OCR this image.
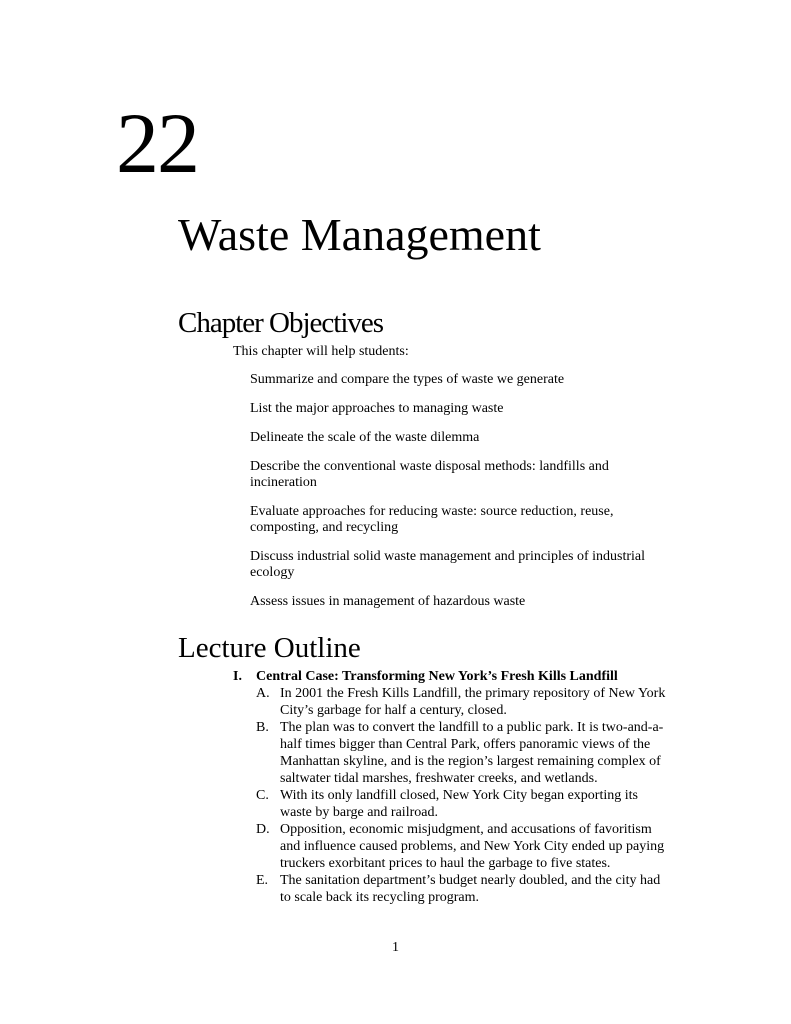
22
Waste Management
Chapter Objectives
This chapter will help students:
Summarize and compare the types of waste we generate
List the major approaches to managing waste
Delineate the scale of the waste dilemma
Describe the conventional waste disposal methods: landfills and incineration
Evaluate approaches for reducing waste: source reduction, reuse, composting, and recycling
Discuss industrial solid waste management and principles of industrial ecology
Assess issues in management of hazardous waste
Lecture Outline
I.	Central Case: Transforming New York’s Fresh Kills Landfill
A. In 2001 the Fresh Kills Landfill, the primary repository of New York City’s garbage for half a century, closed.
B. The plan was to convert the landfill to a public park. It is two-and-a-half times bigger than Central Park, offers panoramic views of the Manhattan skyline, and is the region’s largest remaining complex of saltwater tidal marshes, freshwater creeks, and wetlands.
C. With its only landfill closed, New York City began exporting its waste by barge and railroad.
D. Opposition, economic misjudgment, and accusations of favoritism and influence caused problems, and New York City ended up paying truckers exorbitant prices to haul the garbage to five states.
E. The sanitation department’s budget nearly doubled, and the city had to scale back its recycling program.
1
